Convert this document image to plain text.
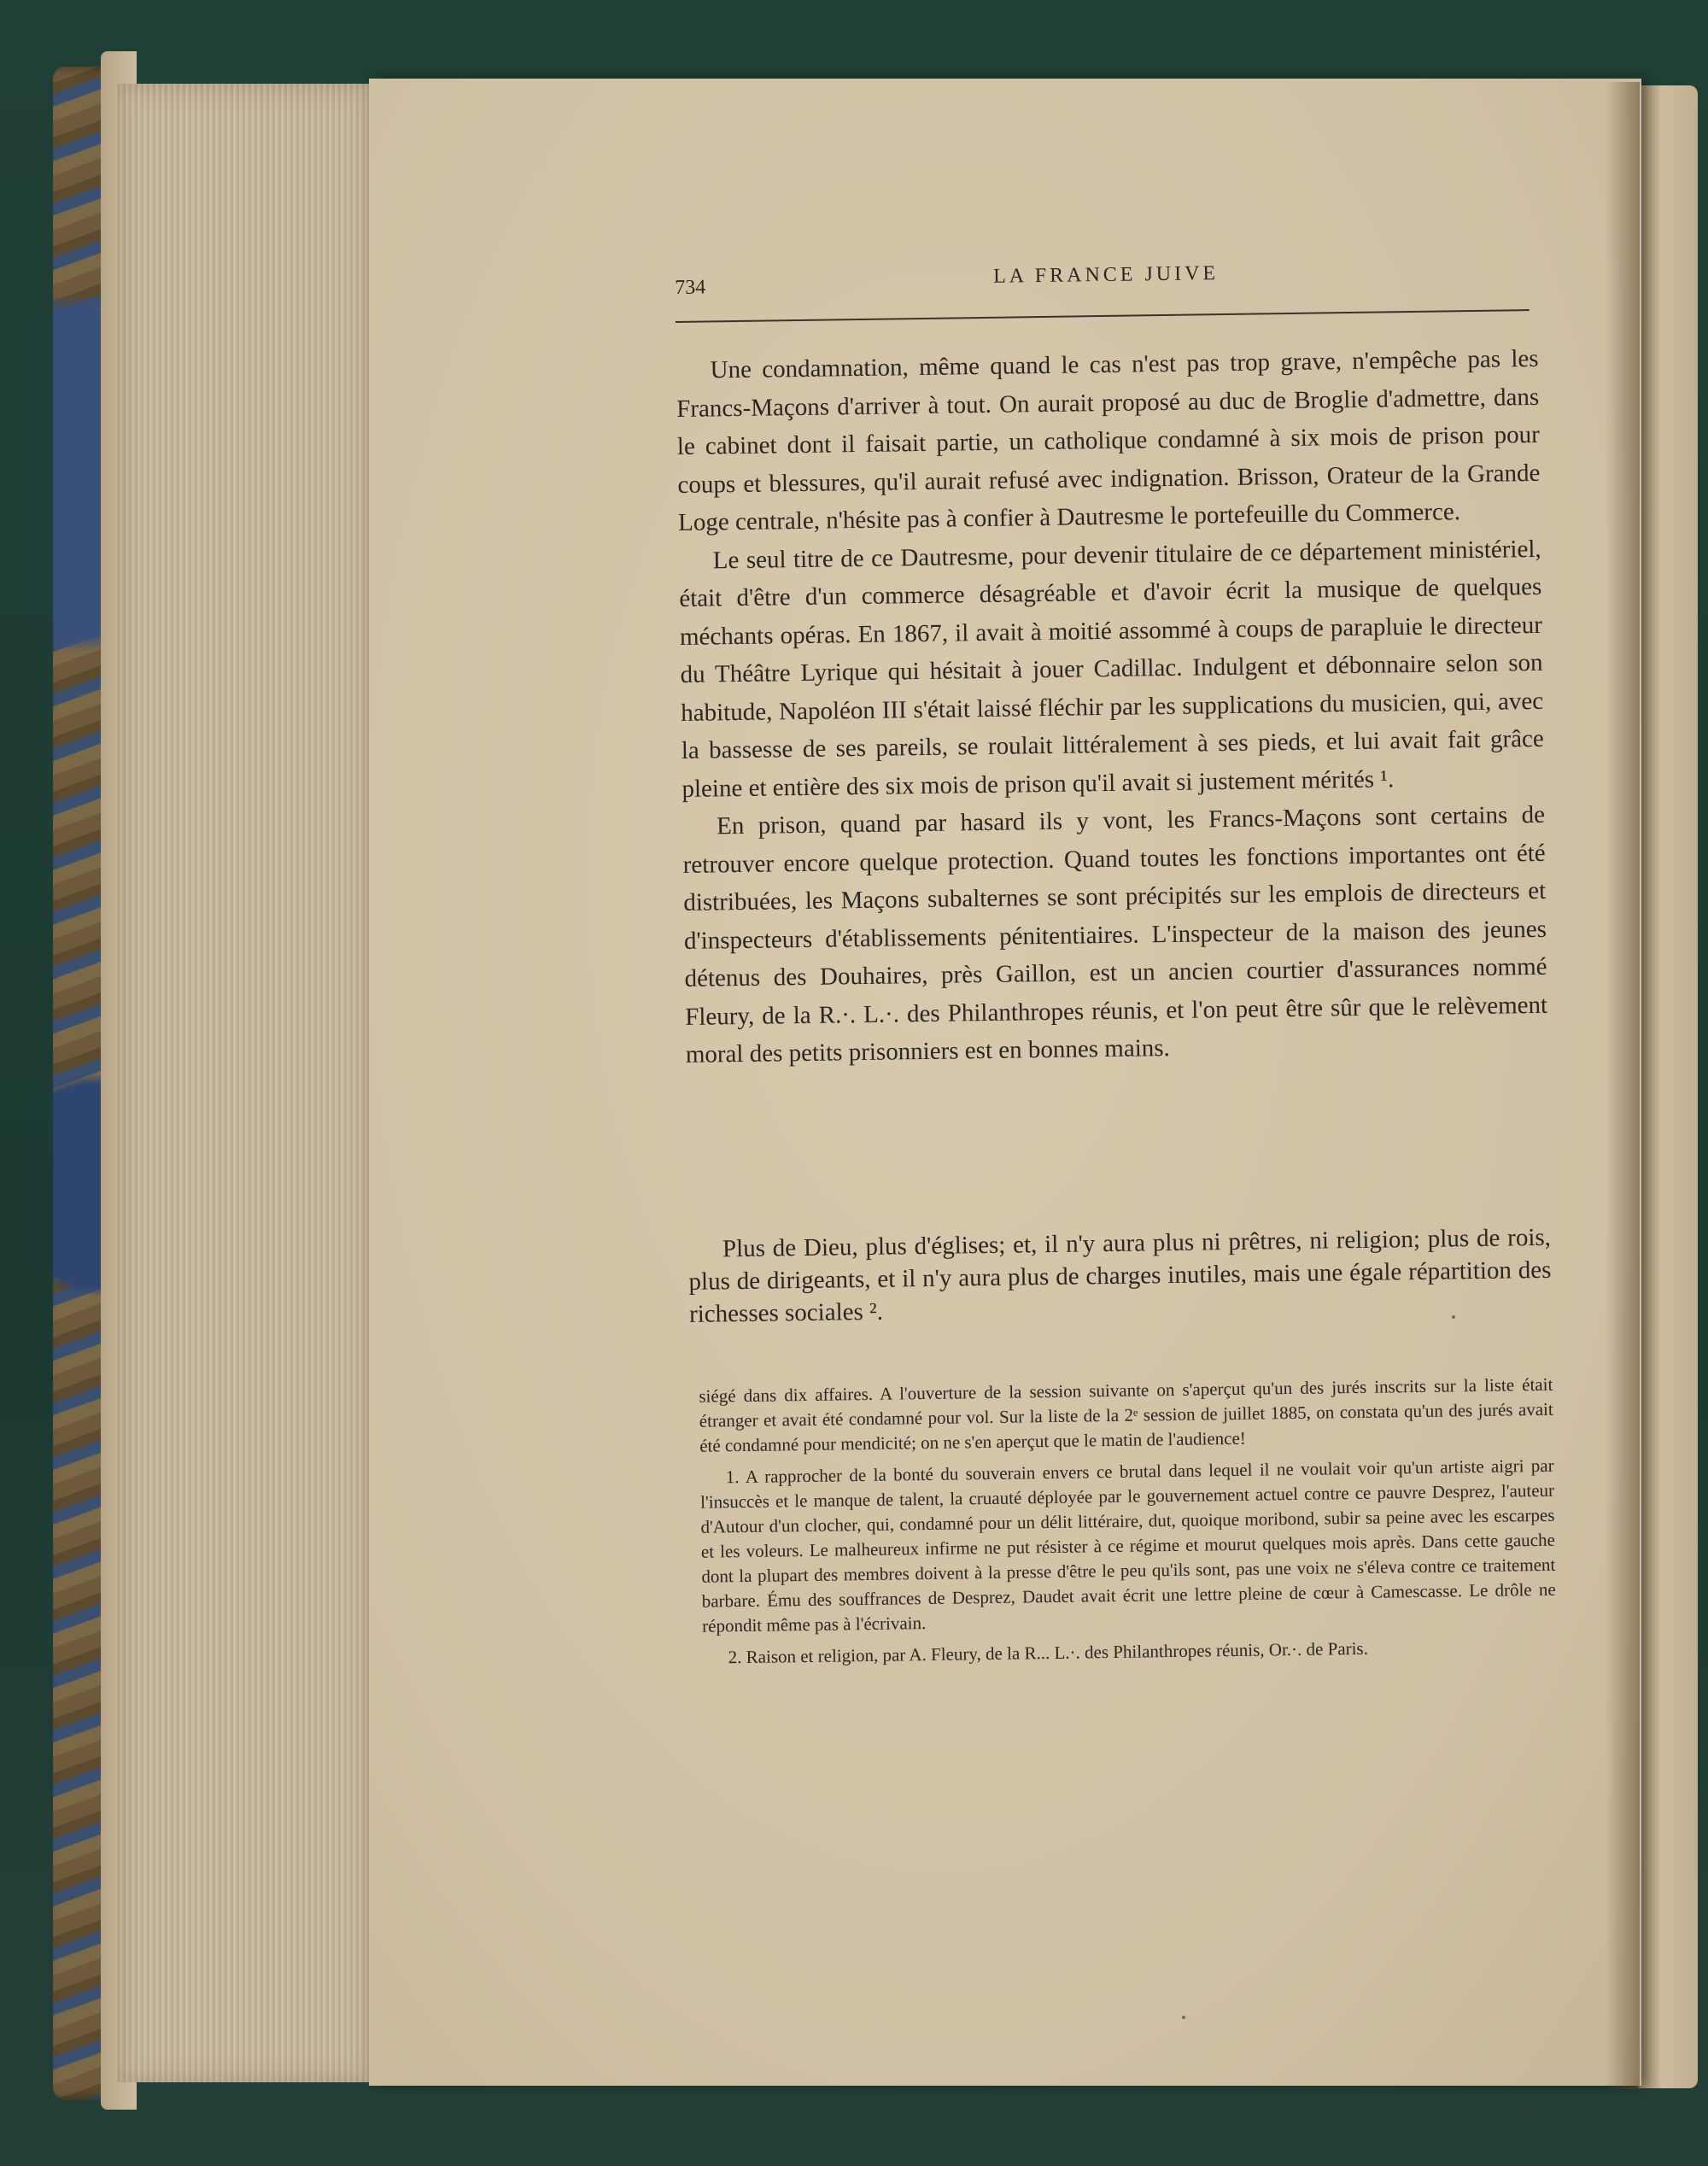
734	LA FRANCE JUIVE

Une condamnation, même quand le cas n'est pas trop grave, n'empêche pas les Francs-Maçons d'arriver à tout. On aurait proposé au duc de Broglie d'admettre, dans le cabinet dont il faisait partie, un catholique condamné à six mois de prison pour coups et blessures, qu'il aurait refusé avec indignation. Brisson, Orateur de la Grande Loge centrale, n'hésite pas à confier à Dautresme le portefeuille du Commerce.

Le seul titre de ce Dautresme, pour devenir titulaire de ce département ministériel, était d'être d'un commerce désagréable et d'avoir écrit la musique de quelques méchants opéras. En 1867, il avait à moitié assommé à coups de parapluie le directeur du Théâtre Lyrique qui hésitait à jouer Cadillac. Indulgent et débonnaire selon son habitude, Napoléon III s'était laissé fléchir par les supplications du musicien, qui, avec la bassesse de ses pareils, se roulait littéralement à ses pieds, et lui avait fait grâce pleine et entière des six mois de prison qu'il avait si justement mérités ¹.

En prison, quand par hasard ils y vont, les Francs-Maçons sont certains de retrouver encore quelque protection. Quand toutes les fonctions importantes ont été distribuées, les Maçons subalternes se sont précipités sur les emplois de directeurs et d'inspecteurs d'établissements pénitentiaires. L'inspecteur de la maison des jeunes détenus des Douhaires, près Gaillon, est un ancien courtier d'assurances nommé Fleury, de la R.·. L.·. des Philanthropes réunis, et l'on peut être sûr que le relèvement moral des petits prisonniers est en bonnes mains.

Plus de Dieu, plus d'églises; et, il n'y aura plus ni prêtres, ni religion; plus de rois, plus de dirigeants, et il n'y aura plus de charges inutiles, mais une égale répartition des richesses sociales ².

siégé dans dix affaires. A l'ouverture de la session suivante on s'aperçut qu'un des jurés inscrits sur la liste était étranger et avait été condamné pour vol. Sur la liste de la 2ᵉ session de juillet 1885, on constata qu'un des jurés avait été condamné pour mendicité; on ne s'en aperçut que le matin de l'audience!

1. A rapprocher de la bonté du souverain envers ce brutal dans lequel il ne voulait voir qu'un artiste aigri par l'insuccès et le manque de talent, la cruauté déployée par le gouvernement actuel contre ce pauvre Desprez, l'auteur d'Autour d'un clocher, qui, condamné pour un délit littéraire, dut, quoique moribond, subir sa peine avec les escarpes et les voleurs. Le malheureux infirme ne put résister à ce régime et mourut quelques mois après. Dans cette gauche dont la plupart des membres doivent à la presse d'être le peu qu'ils sont, pas une voix ne s'éleva contre ce traitement barbare. Ému des souffrances de Desprez, Daudet avait écrit une lettre pleine de cœur à Camescasse. Le drôle ne répondit même pas à l'écrivain.

2. Raison et religion, par A. Fleury, de la R... L.·. des Philanthropes réunis, Or.·. de Paris.
